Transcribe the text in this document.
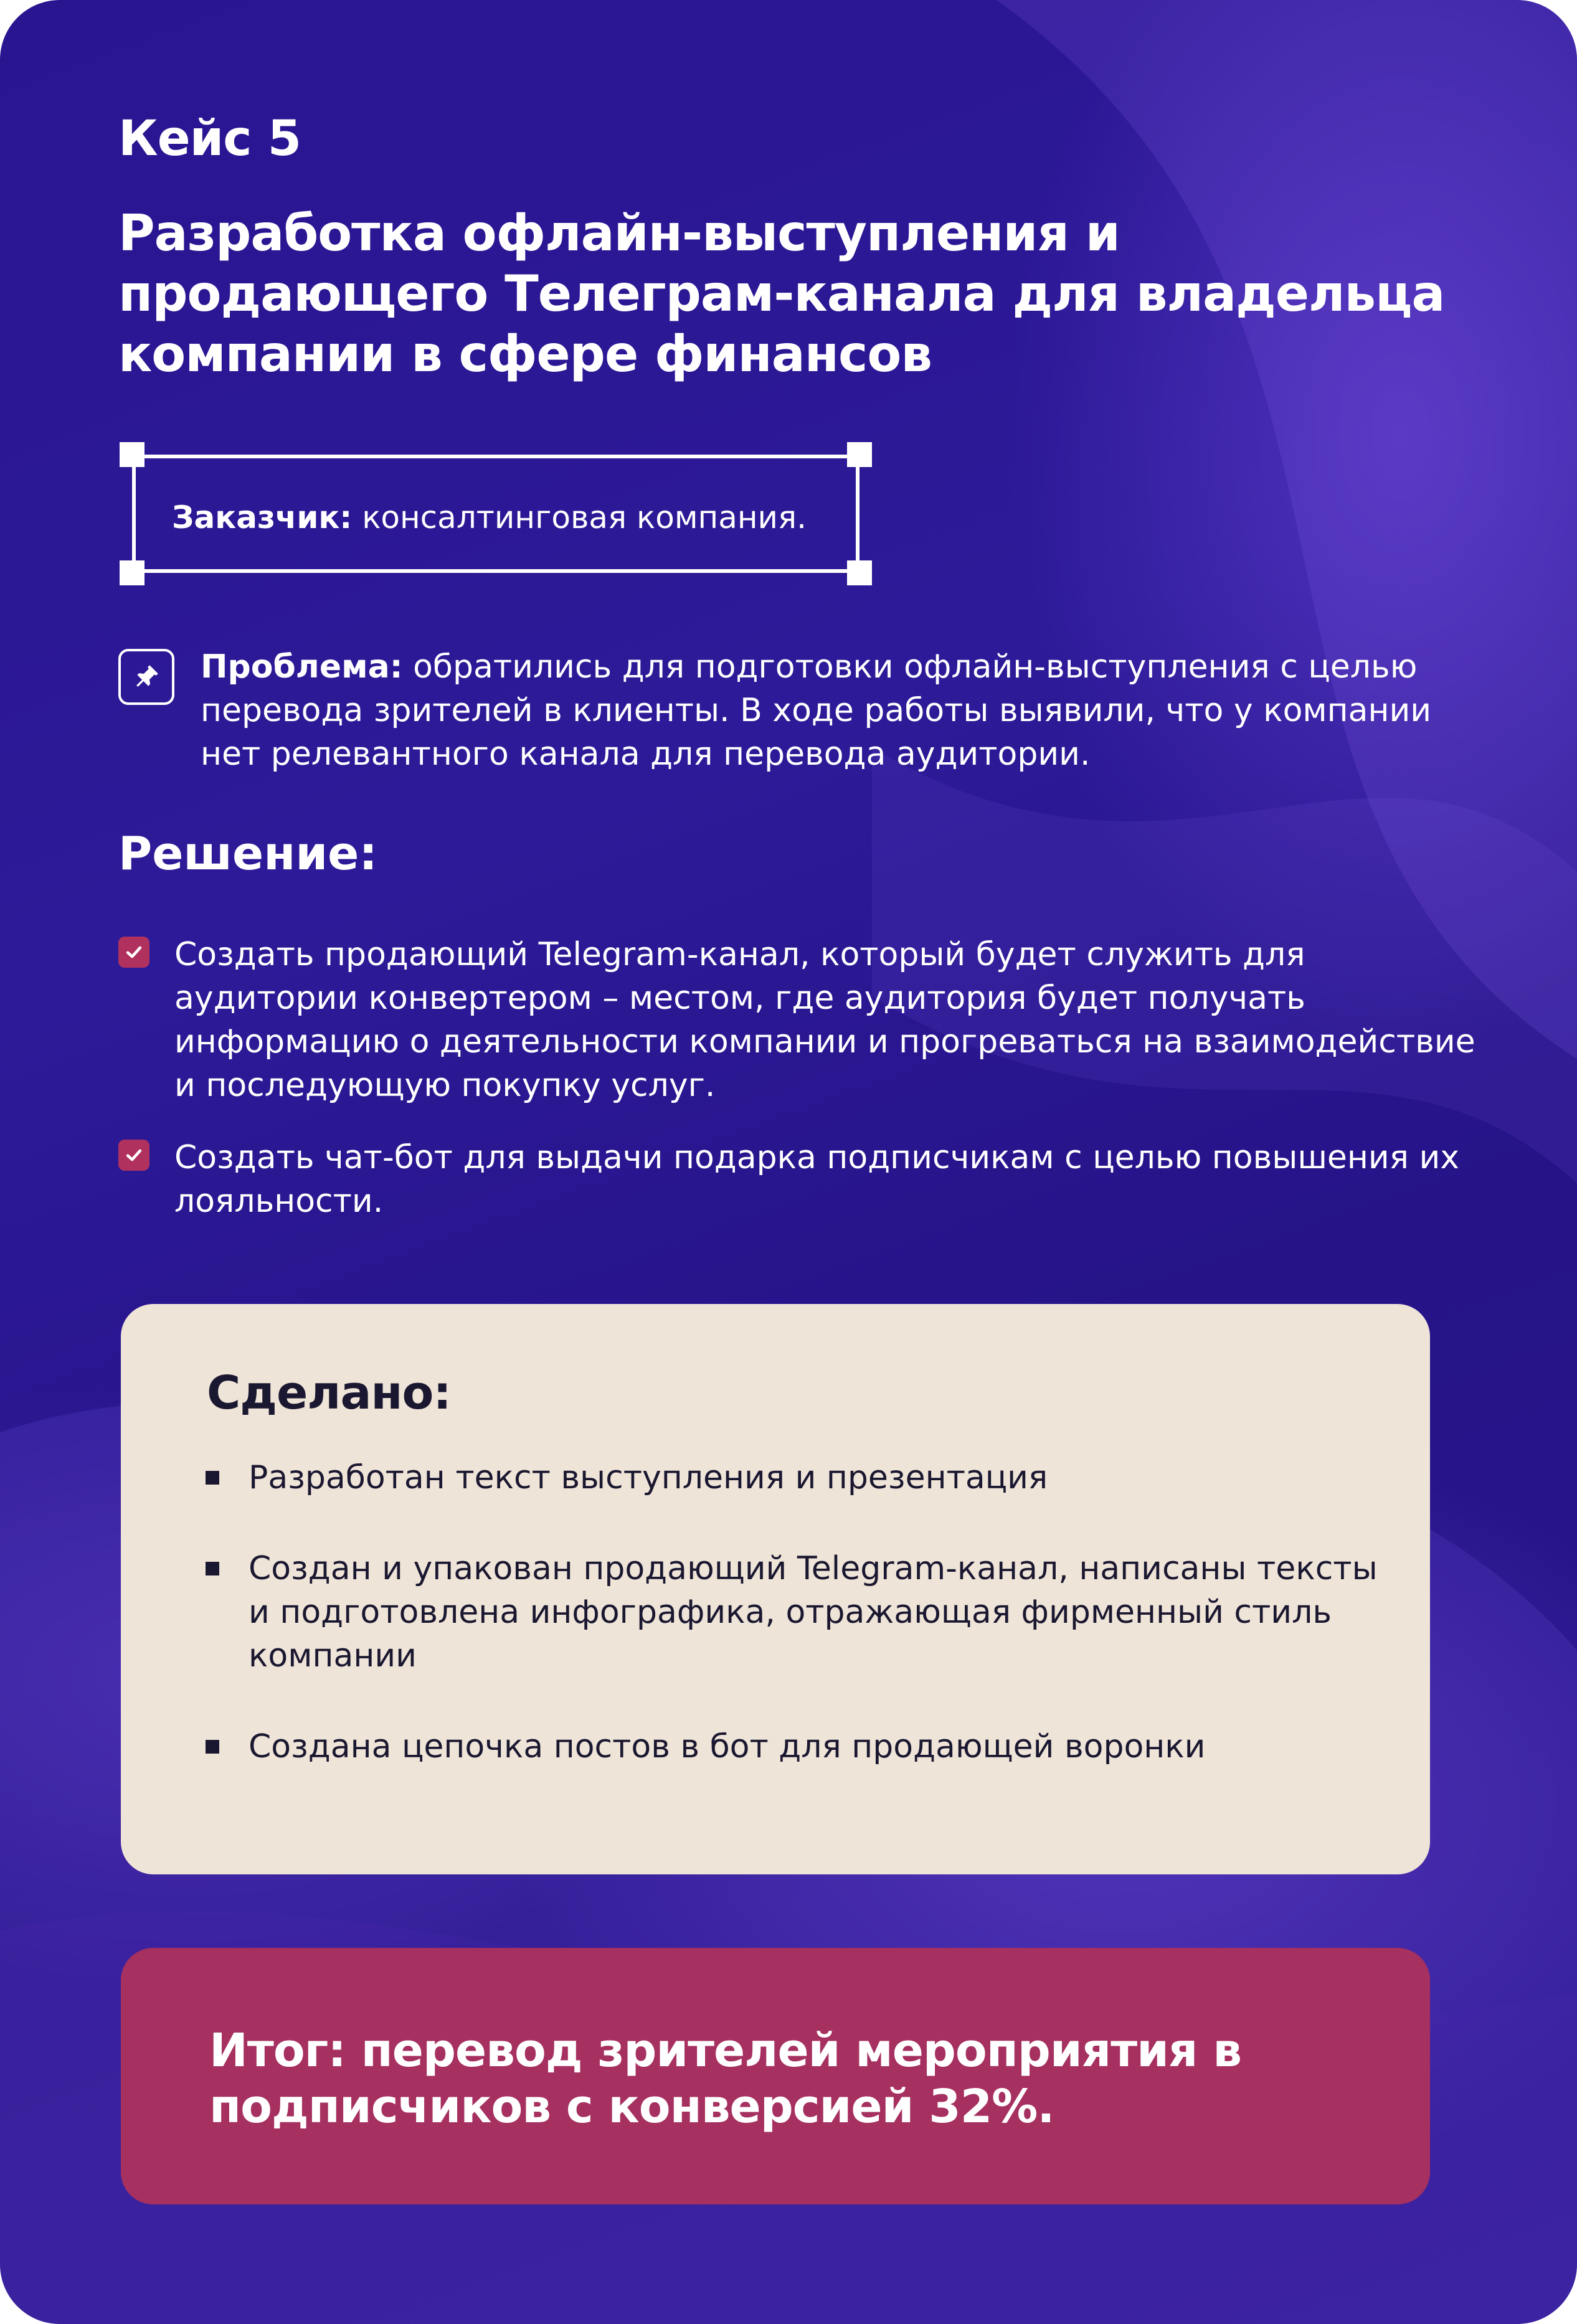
Кейс 5
Разработка офлайн-выступления и продающего Телеграм-канала для владельца компании в сфере финансов
Заказчик: консалтинговая компания.
Проблема: обратились для подготовки офлайн-выступления с целью перевода зрителей в клиенты. В ходе работы выявили, что у компании нет релевантного канала для перевода аудитории.
Решение:
Создать продающий Telegram-канал, который будет служить для аудитории конвертером – местом, где аудитория будет получать информацию о деятельности компании и прогреваться на взаимодействие и последующую покупку услуг.
Создать чат-бот для выдачи подарка подписчикам с целью повышения их лояльности.
Сделано:
Разработан текст выступления и презентация
Создан и упакован продающий Telegram-канал, написаны тексты и подготовлена инфографика, отражающая фирменный стиль компании
Создана цепочка постов в бот для продающей воронки
Итог: перевод зрителей мероприятия в подписчиков с конверсией 32%.
